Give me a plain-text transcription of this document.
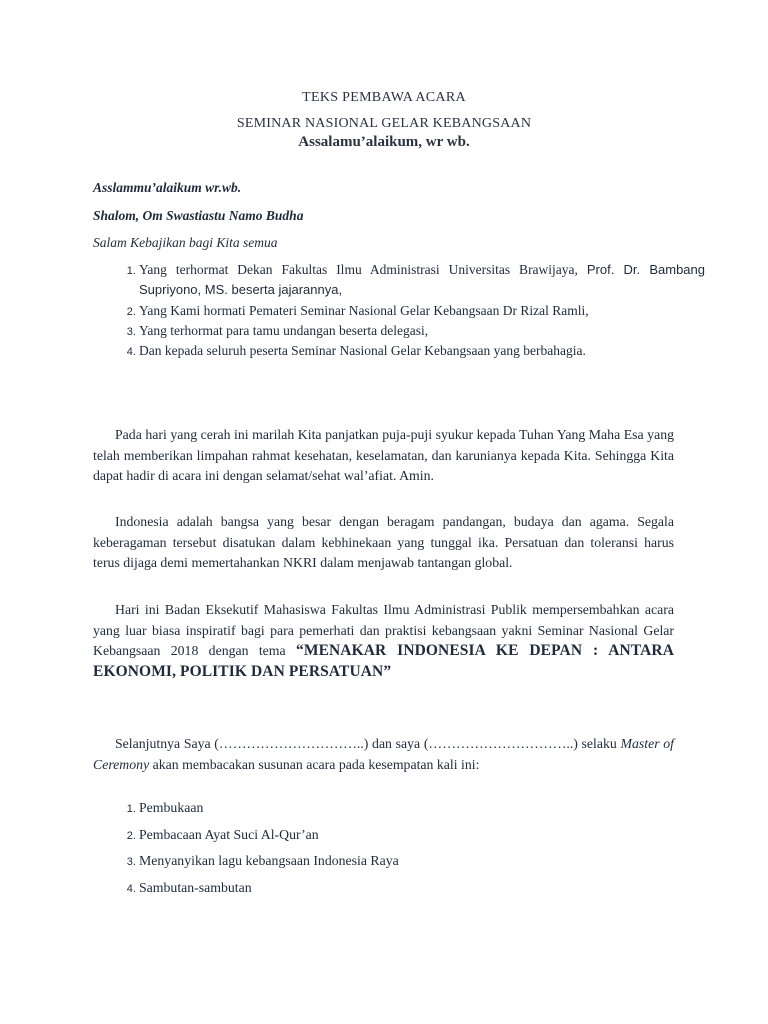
TEKS PEMBAWA ACARA
SEMINAR NASIONAL GELAR KEBANGSAAN
Assalamu’alaikum, wr wb.
Asslammu’alaikum wr.wb.
Shalom, Om Swastiastu Namo Budha
Salam Kebajikan bagi Kita semua
1. Yang terhormat Dekan Fakultas Ilmu Administrasi Universitas Brawijaya, Prof. Dr. Bambang Supriyono, MS. beserta jajarannya,
2. Yang Kami hormati Pemateri Seminar Nasional Gelar Kebangsaan Dr Rizal Ramli,
3. Yang terhormat para tamu undangan beserta delegasi,
4. Dan kepada seluruh peserta Seminar Nasional Gelar Kebangsaan yang berbahagia.

Pada hari yang cerah ini marilah Kita panjatkan puja-puji syukur kepada Tuhan Yang Maha Esa yang telah memberikan limpahan rahmat kesehatan, keselamatan, dan karunianya kepada Kita. Sehingga Kita dapat hadir di acara ini dengan selamat/sehat wal’afiat. Amin.

Indonesia adalah bangsa yang besar dengan beragam pandangan, budaya dan agama. Segala keberagaman tersebut disatukan dalam kebhinekaan yang tunggal ika. Persatuan dan toleransi harus terus dijaga demi memertahankan NKRI dalam menjawab tantangan global.

Hari ini Badan Eksekutif Mahasiswa Fakultas Ilmu Administrasi Publik mempersembahkan acara yang luar biasa inspiratif bagi para pemerhati dan praktisi kebangsaan yakni Seminar Nasional Gelar Kebangsaan 2018 dengan tema “MENAKAR INDONESIA KE DEPAN : ANTARA EKONOMI, POLITIK DAN PERSATUAN”

Selanjutnya Saya (…………………………..) dan saya (…………………………..) selaku Master of Ceremony akan membacakan susunan acara pada kesempatan kali ini:

1. Pembukaan
2. Pembacaan Ayat Suci Al-Qur’an
3. Menyanyikan lagu kebangsaan Indonesia Raya
4. Sambutan-sambutan
